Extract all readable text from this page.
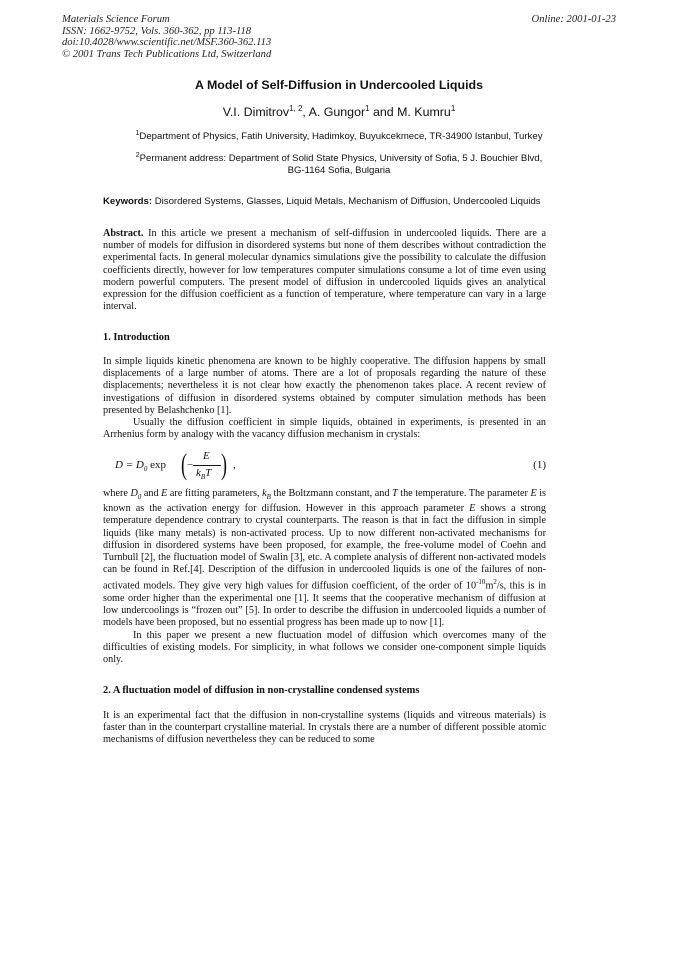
Materials Science Forum
ISSN: 1662-9752, Vols. 360-362, pp 113-118
doi:10.4028/www.scientific.net/MSF.360-362.113
© 2001 Trans Tech Publications Ltd, Switzerland
Online: 2001-01-23
A Model of Self-Diffusion in Undercooled Liquids
V.I. Dimitrov$^{1, 2}$, A. Gungor$^1$ and M. Kumru$^1$
$^1$Department of Physics, Fatih University, Hadimkoy, Buyukcekmece, TR-34900 Istanbul, Turkey
$^2$Permanent address: Department of Solid State Physics, University of Sofia, 5 J. Bouchier Blvd,
BG-1164 Sofia, Bulgaria
Keywords: Disordered Systems, Glasses, Liquid Metals, Mechanism of Diffusion, Undercooled Liquids

Abstract. In this article we present a mechanism of self-diffusion in undercooled liquids. There are a number of models for diffusion in disordered systems but none of them describes without contradiction the experimental facts. In general molecular dynamics simulations give the possibility to calculate the diffusion coefficients directly, however for low temperatures computer simulations consume a lot of time even using modern powerful computers. The present model of diffusion in undercooled liquids gives an analytical expression for the diffusion coefficient as a function of temperature, where temperature can vary in a large interval.

1. Introduction

In simple liquids kinetic phenomena are known to be highly cooperative. The diffusion happens by small displacements of a large number of atoms. There are a lot of proposals regarding the nature of these displacements; nevertheless it is not clear how exactly the phenomenon takes place. A recent review of investigations of diffusion in disordered systems obtained by computer simulation methods has been presented by Belashchenko [1].

Usually the diffusion coefficient in simple liquids, obtained in experiments, is presented in an Arrhenius form by analogy with the vacancy diffusion mechanism in crystals:

$D = D_0$ exp ( −
E
$k_BT$ ) ,	(1)

where $D_0$ and E are fitting parameters, $k_B$ the Boltzmann constant, and T the temperature. The parameter E is known as the activation energy for diffusion. However in this approach parameter E shows a strong temperature dependence contrary to crystal counterparts. The reason is that in fact the diffusion in simple liquids (like many metals) is non-activated process. Up to now different non-activated mechanisms for diffusion in disordered systems have been proposed, for example, the free-volume model of Coehn and Turnbull [2], the fluctuation model of Swalin [3], etc. A complete analysis of different non-activated models can be found in Ref.[4]. Description of the diffusion in undercooled liquids is one of the failures of non-activated models. They give very high values for diffusion coefficient, of the order of $10^{-10}m^2/s$, this is in some order higher than the experimental one [1]. It seems that the cooperative mechanism of diffusion at low undercoolings is “frozen out” [5]. In order to describe the diffusion in undercooled liquids a number of models have been proposed, but no essential progress has been made up to now [1].

In this paper we present a new fluctuation model of diffusion which overcomes many of the difficulties of existing models. For simplicity, in what follows we consider one-component simple liquids only.

2. A fluctuation model of diffusion in non-crystalline condensed systems

It is an experimental fact that the diffusion in non-crystalline systems (liquids and vitreous materials) is faster than in the counterpart crystalline material. In crystals there are a number of different possible atomic mechanisms of diffusion nevertheless they can be reduced to some
